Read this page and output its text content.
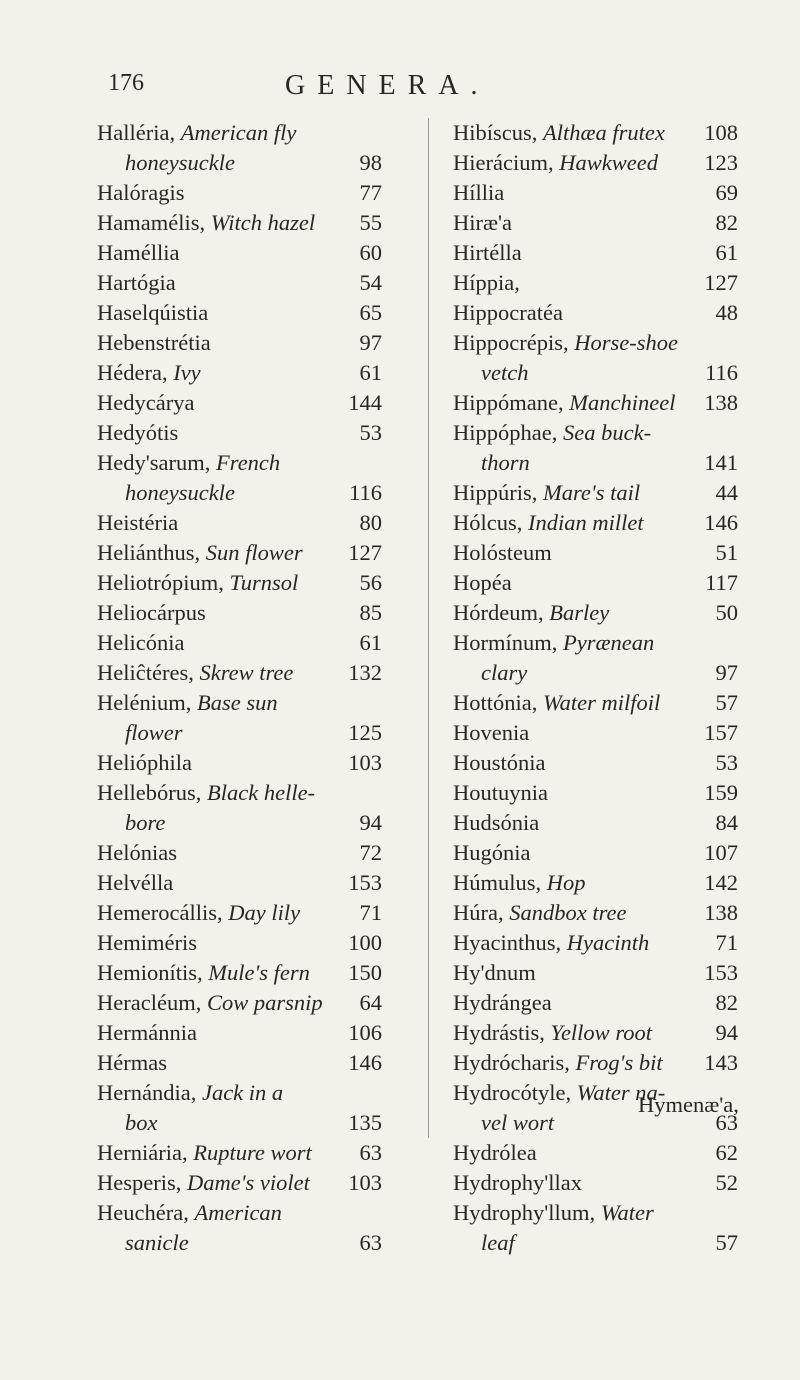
176	GENERA.
Halléria, American fly
honeysuckle	98
Halóragis	77
Hamamélis, Witch hazel 55
Haméllia	60
Hartógia	54
Haselqúistia	65
Hebenstrétia	97
Hédera, Ivy	61
Hedycárya	144
Hedyótis	53
Hedy'sarum, French
honeysuckle	116
Heistéria	80
Heliánthus, Sun flower 127
Heliotrópium, Turnsol	56
Heliocárpus	85
Helicónia	61
Heliĉtéres, Skrew tree 132
Helénium, Base sun
flower	125
Helióphila	103
Hellebórus, Black helle-
bore	94
Helónias	72
Helvélla	153
Hemerocállis, Day lily	71
Hemiméris	100
Hemionítis, Mule's fern 150
Heracléum, Cow parsnip 64
Hermánnia	106
Hérmas	146
Hernándia, Jack in a
box	135
Herniária, Rupture wort 63
Hesperis, Dame's violet 103
Heuchéra, American
sanicle	63
Hibíscus, Althæa frutex 108
Hierácium, Hawkweed 123
Híllia	69
Hiræ'a	82
Hirtélla	61
Híppia,	127
Hippocratéa	48
Hippocrépis, Horse-shoe
vetch	116
Hippómane, Manchineel 138
Hippóphae, Sea buck-
thorn	141
Hippúris, Mare's tail	44
Hólcus, Indian millet	146
Holósteum	51
Hopéa	117
Hórdeum, Barley	50
Hormínum, Pyrænean
clary	97
Hottónia, Water milfoil 57
Hovenia	157
Houstónia	53
Houtuynia	159
Hudsónia	84
Hugónia	107
Húmulus, Hop	142
Húra, Sandbox tree	138
Hyacinthus, Hyacinth	71
Hy'dnum	153
Hydrángea	82
Hydrástis, Yellow root	94
Hydrócharis, Frog's bit 143
Hydrocótyle, Water na-
vel wort	63
Hydrólea	62
Hydrophy'llax	52
Hydrophy'llum, Water
leaf	57
Hymenæ'a,
